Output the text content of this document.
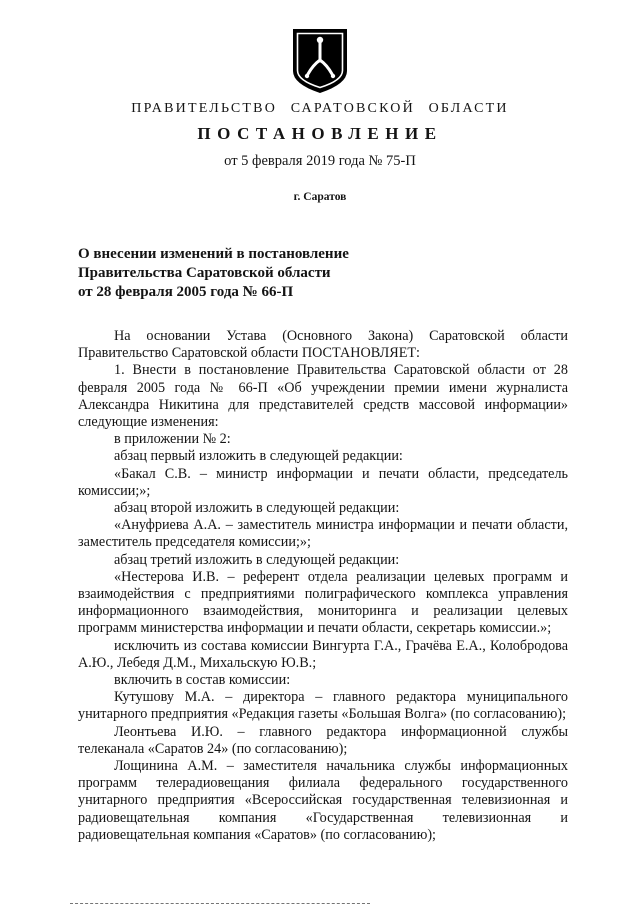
ПРАВИТЕЛЬСТВО САРАТОВСКОЙ ОБЛАСТИ
ПОСТАНОВЛЕНИЕ
от 5 февраля 2019 года № 75-П
г. Саратов
О внесении изменений в постановление
Правительства Саратовской области
от 28 февраля 2005 года № 66-П

На основании Устава (Основного Закона) Саратовской области Правительство Саратовской области ПОСТАНОВЛЯЕТ:

1. Внести в постановление Правительства Саратовской области от 28 февраля 2005 года № 66-П «Об учреждении премии имени журналиста Александра Никитина для представителей средств массовой информации» следующие изменения:

в приложении № 2:

абзац первый изложить в следующей редакции:

«Бакал С.В. – министр информации и печати области, председатель комиссии;»;

абзац второй изложить в следующей редакции:

«Ануфриева А.А. – заместитель министра информации и печати области, заместитель председателя комиссии;»;

абзац третий изложить в следующей редакции:

«Нестерова И.В. – референт отдела реализации целевых программ и взаимодействия с предприятиями полиграфического комплекса управления информационного взаимодействия, мониторинга и реализации целевых программ министерства информации и печати области, секретарь комиссии.»;

исключить из состава комиссии Вингурта Г.А., Грачёва Е.А., Колобродова А.Ю., Лебедя Д.М., Михальскую Ю.В.;

включить в состав комиссии:

Кутушову М.А. – директора – главного редактора муниципального унитарного предприятия «Редакция газеты «Большая Волга» (по согласованию);

Леонтьева И.Ю. – главного редактора информационной службы телеканала «Саратов 24» (по согласованию);

Лощинина А.М. – заместителя начальника службы информационных программ телерадиовещания филиала федерального государственного унитарного предприятия «Всероссийская государственная телевизионная и радиовещательная компания «Государственная телевизионная и радиовещательная компания «Саратов» (по согласованию);
